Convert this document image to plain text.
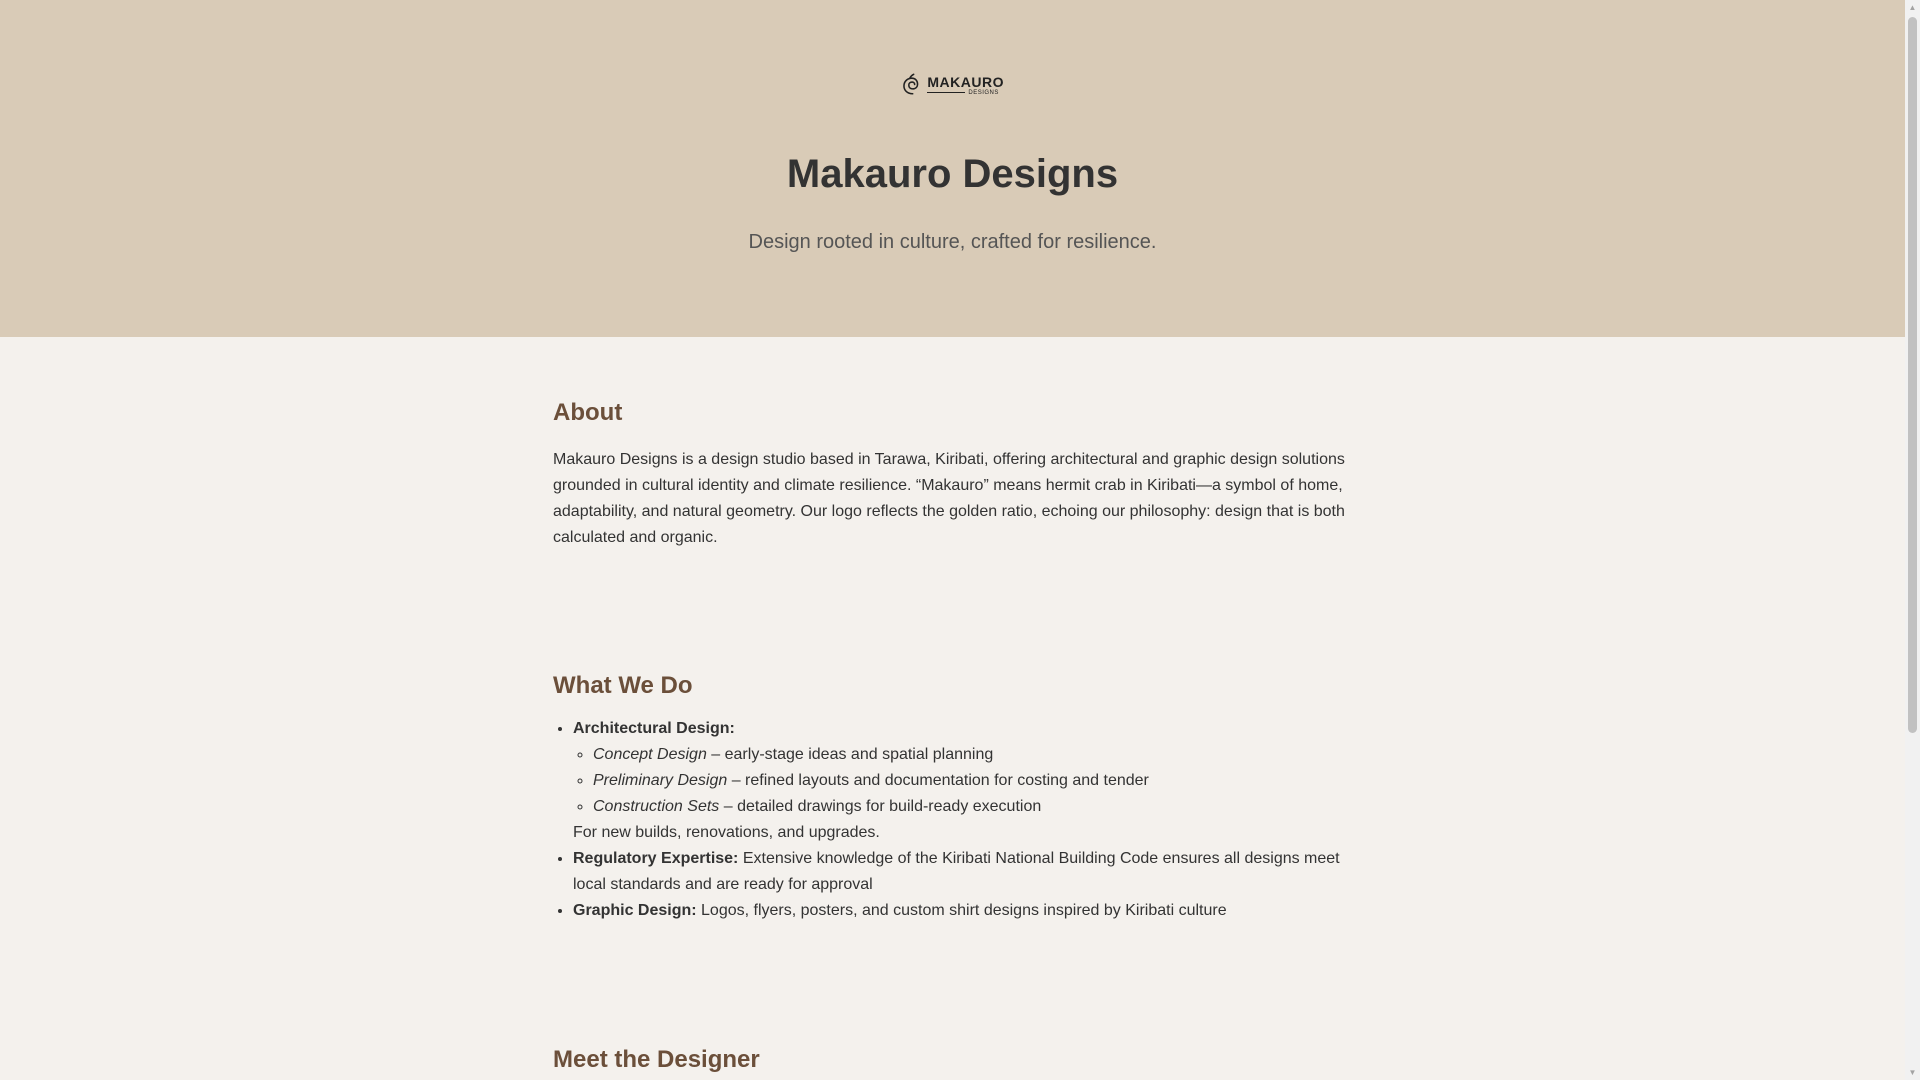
MAKAURO
DESIGNS
Makauro Designs

Design rooted in culture, crafted for resilience.

About

Makauro Designs is a design studio based in Tarawa, Kiribati, offering architectural and graphic design solutions grounded in cultural identity and climate resilience. “Makauro” means hermit crab in Kiribati—a symbol of home, adaptability, and natural geometry. Our logo reflects the golden ratio, echoing our philosophy: design that is both calculated and organic.

What We Do
• Architectural Design:
◦ Concept Design – early-stage ideas and spatial planning
◦ Preliminary Design – refined layouts and documentation for costing and tender
◦ Construction Sets – detailed drawings for build-ready execution
For new builds, renovations, and upgrades.
• Regulatory Expertise: Extensive knowledge of the Kiribati National Building Code ensures all designs meet local standards and are ready for approval
• Graphic Design: Logos, flyers, posters, and custom shirt designs inspired by Kiribati culture
Meet the Designer
▲
▼
